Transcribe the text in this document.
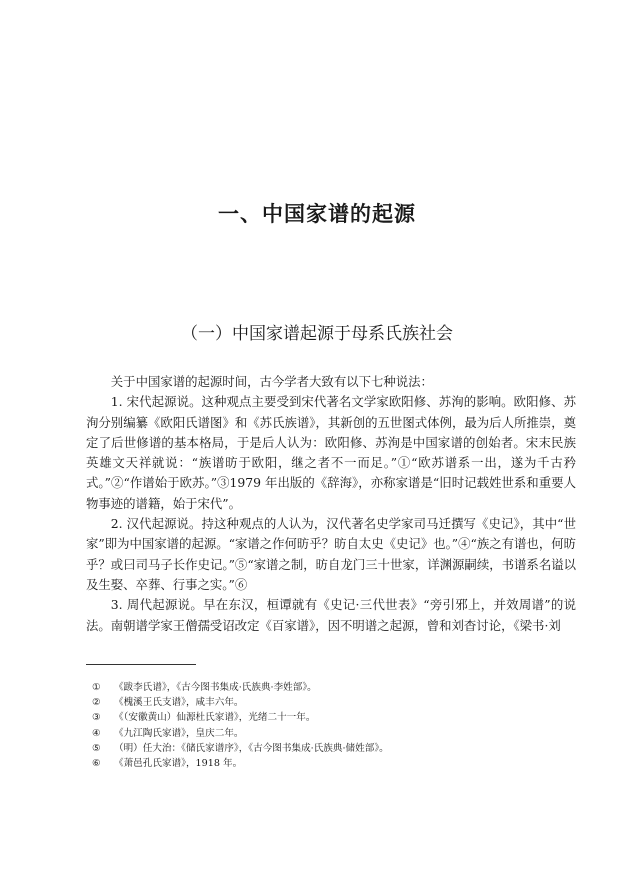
一、中国家谱的起源
（一）中国家谱起源于母系氏族社会

关于中国家谱的起源时间，古今学者大致有以下七种说法：

1. 宋代起源说。这种观点主要受到宋代著名文学家欧阳修、苏洵的影响。欧阳修、苏洵分别编纂《欧阳氏谱图》和《苏氏族谱》，其新创的五世图式体例，最为后人所推崇，奠定了后世修谱的基本格局，于是后人认为：欧阳修、苏洵是中国家谱的创始者。宋末民族英雄文天祥就说：“族谱昉于欧阳，继之者不一而足。”①“欧苏谱系一出，遂为千古矜式。”②“作谱始于欧苏。”③1979 年出版的《辞海》，亦称家谱是“旧时记载姓世系和重要人物事迹的谱籍，始于宋代”。

2. 汉代起源说。持这种观点的人认为，汉代著名史学家司马迁撰写《史记》，其中“世家”即为中国家谱的起源。“家谱之作何昉乎？昉自太史《史记》也。”④“族之有谱也，何昉乎？或曰司马子长作史记。”⑤“家谱之制，昉自龙门三十世家，详渊源嗣续，书谱系名谥以及生娶、卒葬、行事之实。”⑥

3. 周代起源说。早在东汉，桓谭就有《史记·三代世表》“旁引邪上，并效周谱”的说法。南朝谱学家王僧孺受诏改定《百家谱》，因不明谱之起源，曾和刘杳讨论，《梁书·刘

①	《跋李氏谱》，《古今图书集成·氏族典·李姓部》。
②	《槐溪王氏支谱》，咸丰六年。
③	《（安徽黄山）仙源杜氏家谱》，光绪二十一年。
④	《九江陶氏家谱》，皇庆二年。
⑤	（明）任大治：《储氏家谱序》，《古今图书集成·氏族典·储姓部》。
⑥	《萧邑孔氏家谱》，1918 年。
